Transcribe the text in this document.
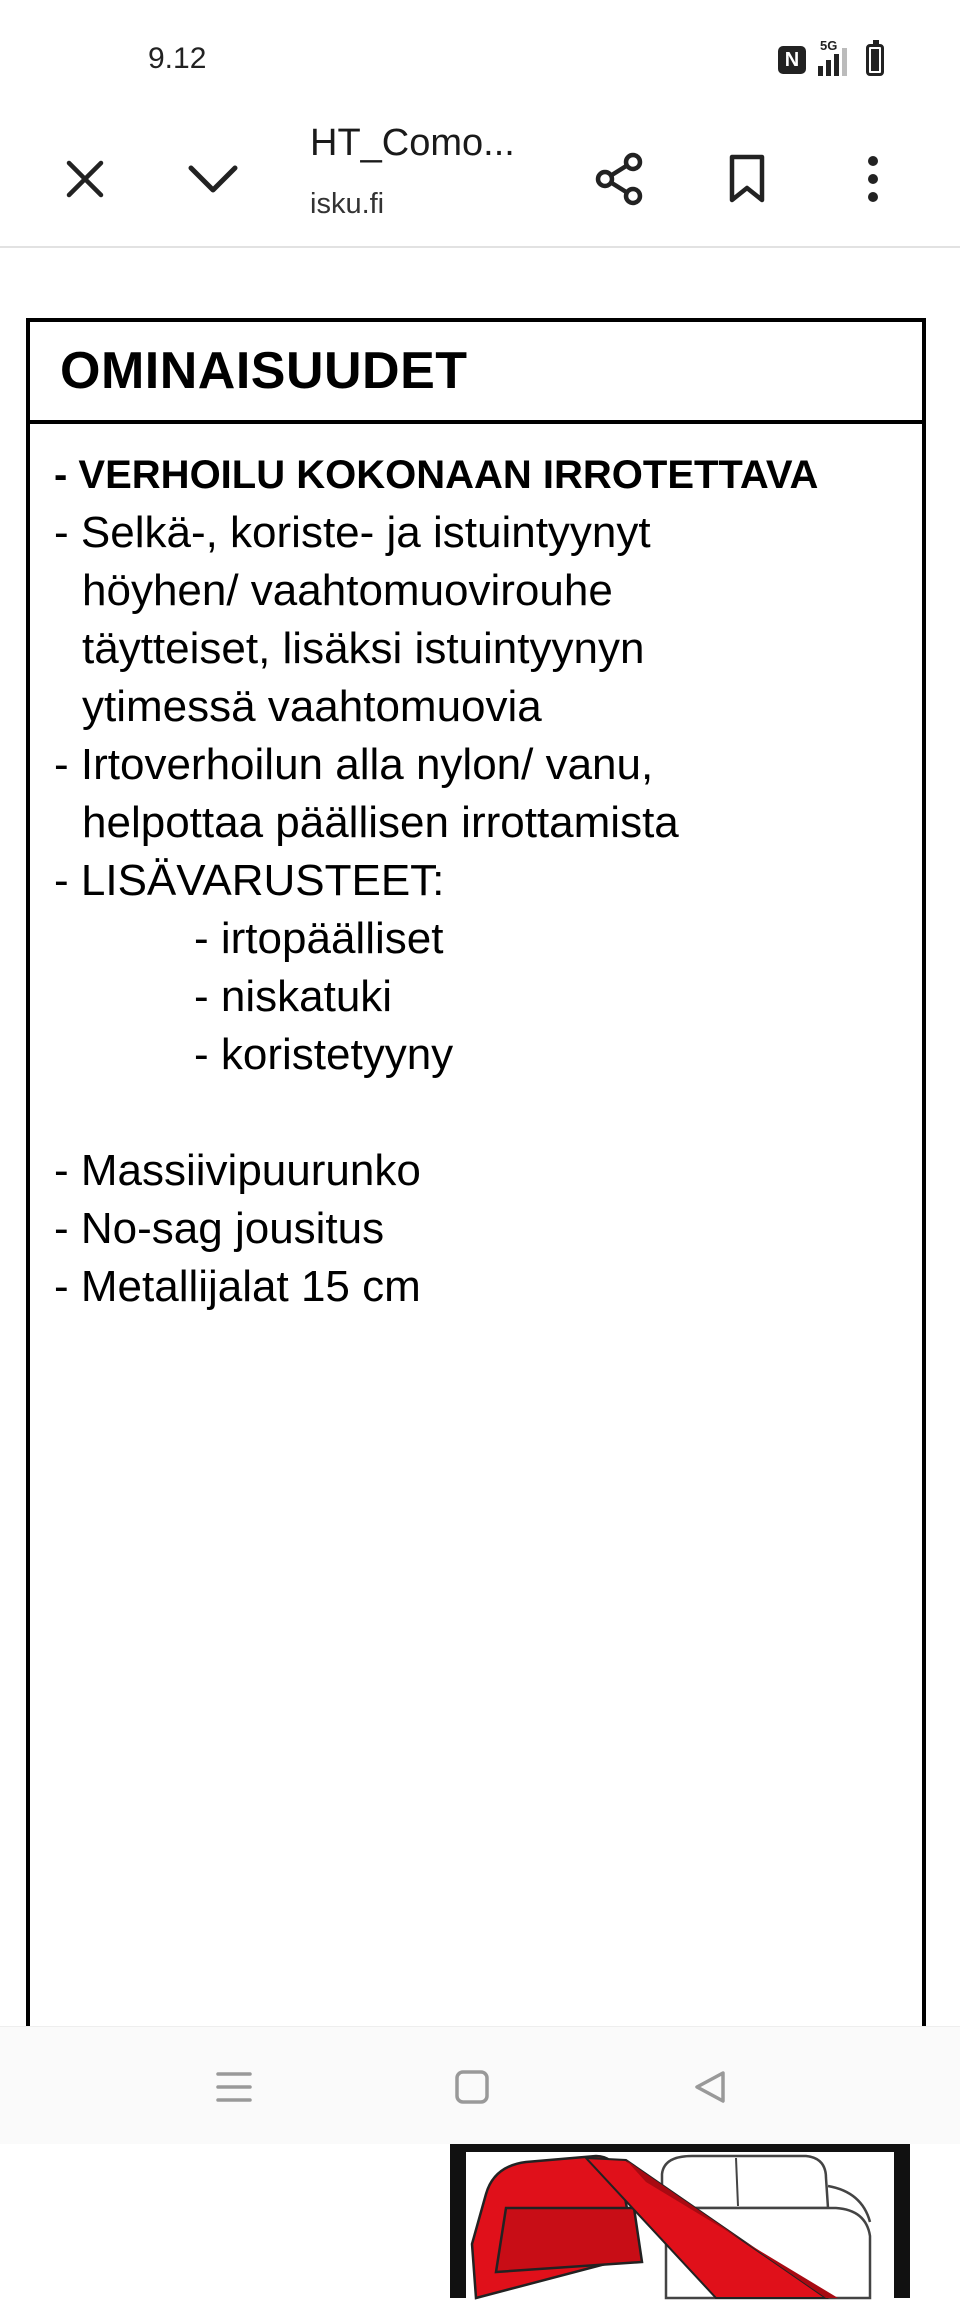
9.12	N
5G
HT_Como...
isku.fi
OMINAISUUDET
- VERHOILU KOKONAAN IRROTETTAVA
- Selkä-, koriste- ja istuintyynyt
höyhen/ vaahtomuovirouhe
täytteiset, lisäksi istuintyynyn
ytimessä vaahtomuovia
- Irtoverhoilun alla nylon/ vanu,
helpottaa päällisen irrottamista
- LISÄVARUSTEET:
- irtopäälliset
- niskatuki
- koristetyyny
- Massiivipuurunko
- No-sag jousitus
- Metallijalat 15 cm
